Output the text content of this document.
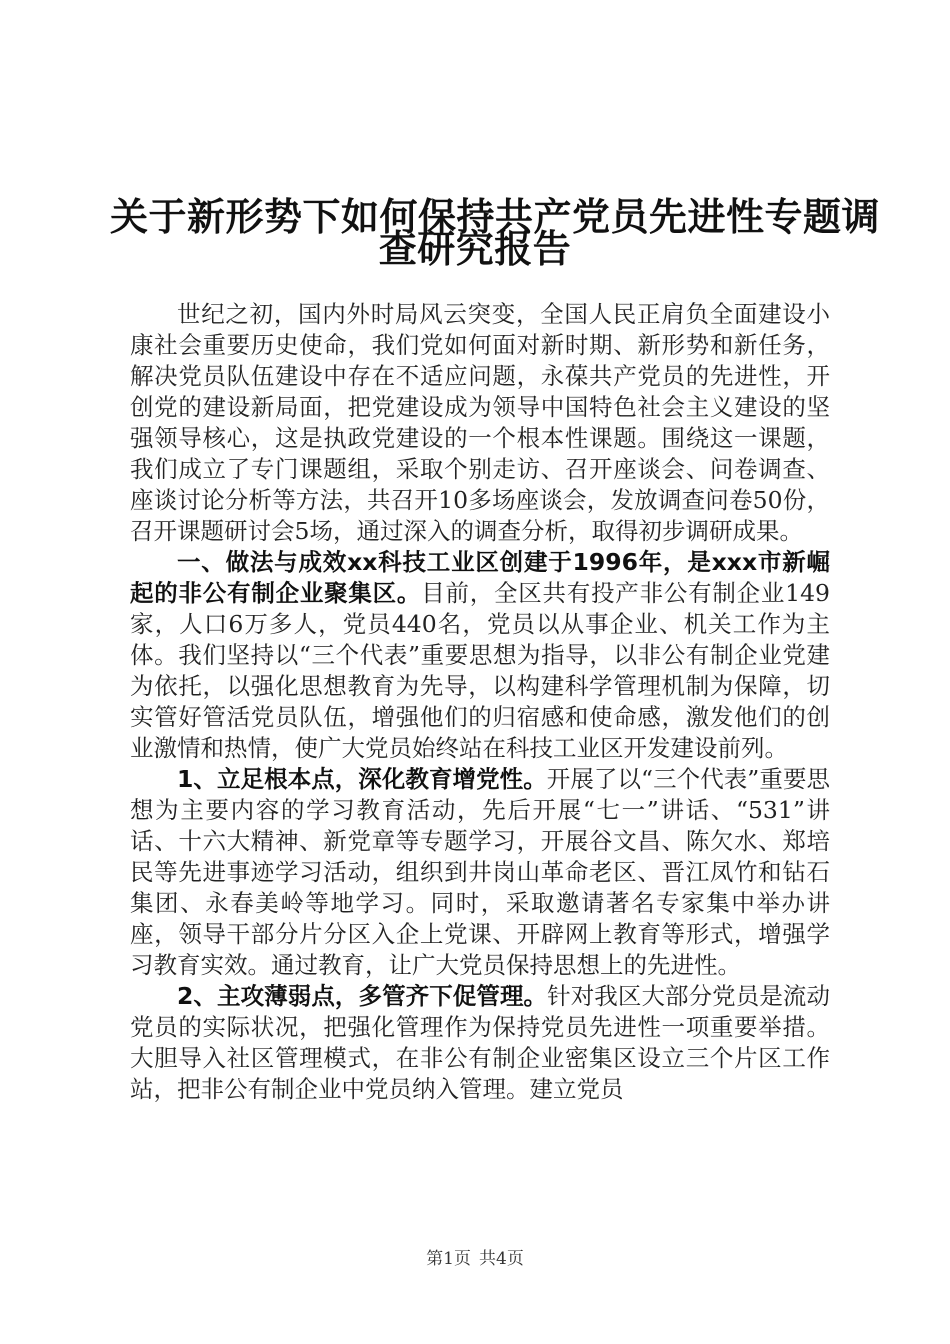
关于新形势下如何保持共产党员先进性专题调
查研究报告

世纪之初，国内外时局风云突变，全国人民正肩负全面建设小康社会重要历史使命，我们党如何面对新时期、新形势和新任务，解决党员队伍建设中存在不适应问题，永葆共产党员的先进性，开创党的建设新局面，把党建设成为领导中国特色社会主义建设的坚强领导核心，这是执政党建设的一个根本性课题。围绕这一课题，我们成立了专门课题组，采取个别走访、召开座谈会、问卷调查、座谈讨论分析等方法，共召开10多场座谈会，发放调查问卷50份，召开课题研讨会5场，通过深入的调查分析，取得初步调研成果。

一、做法与成效xx科技工业区创建于1996年，是xxx市新崛起的非公有制企业聚集区。目前，全区共有投产非公有制企业149家，人口6万多人，党员440名，党员以从事企业、机关工作为主体。我们坚持以“三个代表”重要思想为指导，以非公有制企业党建为依托，以强化思想教育为先导，以构建科学管理机制为保障，切实管好管活党员队伍，增强他们的归宿感和使命感，激发他们的创业激情和热情，使广大党员始终站在科技工业区开发建设前列。

1、立足根本点，深化教育增党性。开展了以“三个代表”重要思想为主要内容的学习教育活动，先后开展“七一”讲话、“531”讲话、十六大精神、新党章等专题学习，开展谷文昌、陈欠水、郑培民等先进事迹学习活动，组织到井岗山革命老区、晋江凤竹和钻石集团、永春美岭等地学习。同时，采取邀请著名专家集中举办讲座，领导干部分片分区入企上党课、开辟网上教育等形式，增强学习教育实效。通过教育，让广大党员保持思想上的先进性。

2、主攻薄弱点，多管齐下促管理。针对我区大部分党员是流动党员的实际状况，把强化管理作为保持党员先进性一项重要举措。大胆导入社区管理模式，在非公有制企业密集区设立三个片区工作站，把非公有制企业中党员纳入管理。建立党员

第1页 共4页
